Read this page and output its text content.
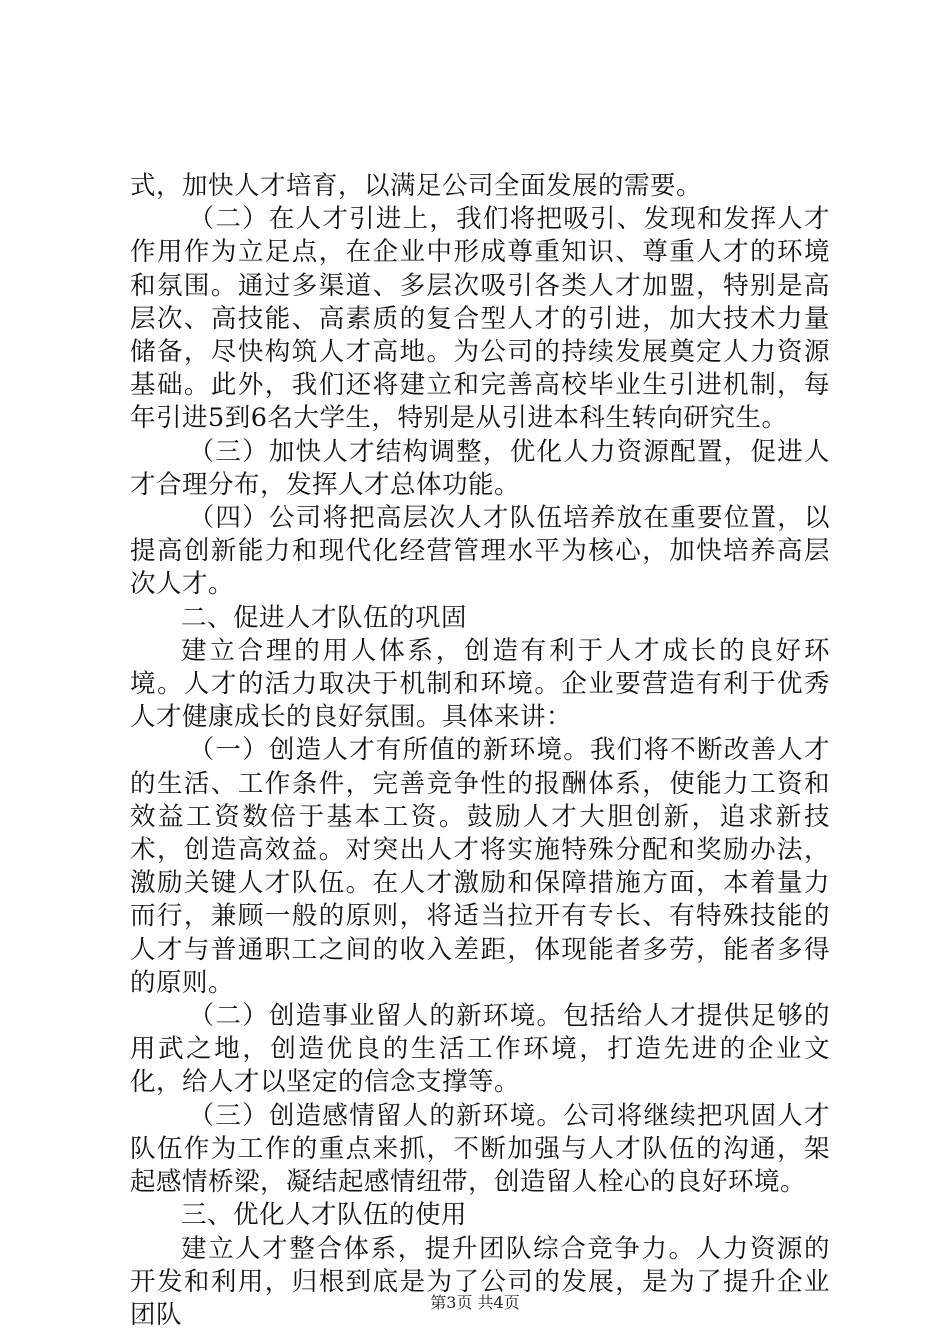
式，加快人才培育，以满足公司全面发展的需要。

（二）在人才引进上，我们将把吸引、发现和发挥人才作用作为立足点，在企业中形成尊重知识、尊重人才的环境和氛围。通过多渠道、多层次吸引各类人才加盟，特别是高层次、高技能、高素质的复合型人才的引进，加大技术力量储备，尽快构筑人才高地。为公司的持续发展奠定人力资源基础。此外，我们还将建立和完善高校毕业生引进机制，每年引进5到6名大学生，特别是从引进本科生转向研究生。

（三）加快人才结构调整，优化人力资源配置，促进人才合理分布，发挥人才总体功能。

（四）公司将把高层次人才队伍培养放在重要位置，以提高创新能力和现代化经营管理水平为核心，加快培养高层次人才。

二、促进人才队伍的巩固

建立合理的用人体系，创造有利于人才成长的良好环境。人才的活力取决于机制和环境。企业要营造有利于优秀人才健康成长的良好氛围。具体来讲：

（一）创造人才有所值的新环境。我们将不断改善人才的生活、工作条件，完善竞争性的报酬体系，使能力工资和效益工资数倍于基本工资。鼓励人才大胆创新，追求新技术，创造高效益。对突出人才将实施特殊分配和奖励办法，激励关键人才队伍。在人才激励和保障措施方面，本着量力而行，兼顾一般的原则，将适当拉开有专长、有特殊技能的人才与普通职工之间的收入差距，体现能者多劳，能者多得的原则。

（二）创造事业留人的新环境。包括给人才提供足够的用武之地，创造优良的生活工作环境，打造先进的企业文化，给人才以坚定的信念支撑等。

（三）创造感情留人的新环境。公司将继续把巩固人才队伍作为工作的重点来抓，不断加强与人才队伍的沟通，架起感情桥梁，凝结起感情纽带，创造留人栓心的良好环境。

三、优化人才队伍的使用

建立人才整合体系，提升团队综合竞争力。人力资源的开发和利用，归根到底是为了公司的发展，是为了提升企业团队	第3页 共4页
